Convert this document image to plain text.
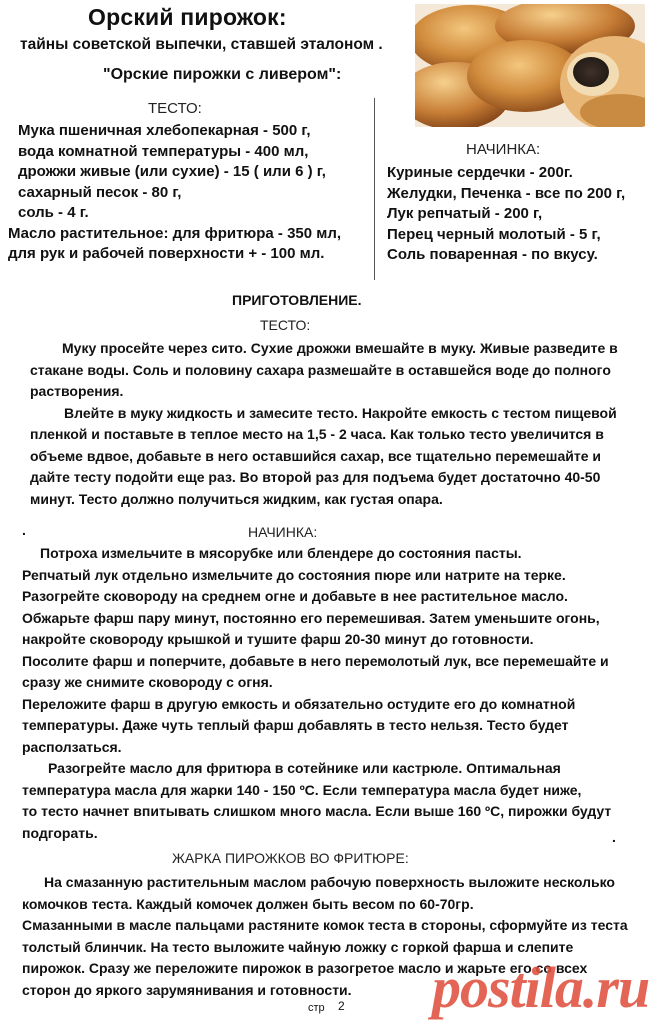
Орский пирожок:
тайны советской выпечки, ставшей эталоном .
"Орские пирожки с ливером":
ТЕСТО:
Мука пшеничная хлебопекарная - 500 г,
вода комнатной температуры - 400 мл,
дрожжи живые (или сухие) - 15 ( или 6 ) г,
сахарный песок - 80 г,
соль - 4 г.
Масло растительное: для фритюра - 350 мл,
для рук и рабочей поверхности + - 100 мл.
НАЧИНКА:
Куриные сердечки - 200г.
Желудки, Печенка - все по 200 г,
Лук репчатый - 200 г,
Перец черный молотый - 5 г,
Соль поваренная - по вкусу.
ПРИГОТОВЛЕНИЕ.
ТЕСТО:
Муку просейте через сито. Сухие дрожжи вмешайте в муку. Живые разведите в
стакане воды. Соль и половину сахара размешайте в оставшейся воде до полного
растворения.
Влейте в муку жидкость и замесите тесто. Накройте емкость с тестом пищевой
пленкой и поставьте в теплое место на 1,5 - 2 часа. Как только тесто увеличится в
объеме вдвое, добавьте в него оставшийся сахар, все тщательно перемешайте и
дайте тесту подойти еще раз. Во второй раз для подъема будет достаточно 40-50
минут. Тесто должно получиться жидким, как густая опара.
.	НАЧИНКА:
Потроха измельчите в мясорубке или блендере до состояния пасты.
Репчатый лук отдельно измельчите до состояния пюре или натрите на терке.
Разогрейте сковороду на среднем огне и добавьте в нее растительное масло.
Обжарьте фарш пару минут, постоянно его перемешивая. Затем уменьшите огонь,
накройте сковороду крышкой и тушите фарш 20-30 минут до готовности.
Посолите фарш и поперчите, добавьте в него перемолотый лук, все перемешайте и
сразу же снимите сковороду с огня.
Переложите фарш в другую емкость и обязательно остудите его до комнатной
температуры. Даже чуть теплый фарш добавлять в тесто нельзя. Тесто будет
расползаться.
Разогрейте масло для фритюра в сотейнике или кастрюле. Оптимальная
температура масла для жарки 140 - 150 ºС. Если температура масла будет ниже,
то тесто начнет впитывать слишком много масла. Если выше 160 ºС, пирожки будут
подгорать.	.
ЖАРКА ПИРОЖКОВ ВО ФРИТЮРЕ:
На смазанную растительным маслом рабочую поверхность выложите несколько
комочков теста. Каждый комочек должен быть весом по 60-70гр.
Смазанными в масле пальцами растяните комок теста в стороны, сформуйте из теста
толстый блинчик. На тесто выложите чайную ложку с горкой фарша и слепите
пирожок. Сразу же переложите пирожок в разогретое масло и жарьте его со всех
сторон до яркого зарумянивания и готовности.	postila.ru
стр 2
